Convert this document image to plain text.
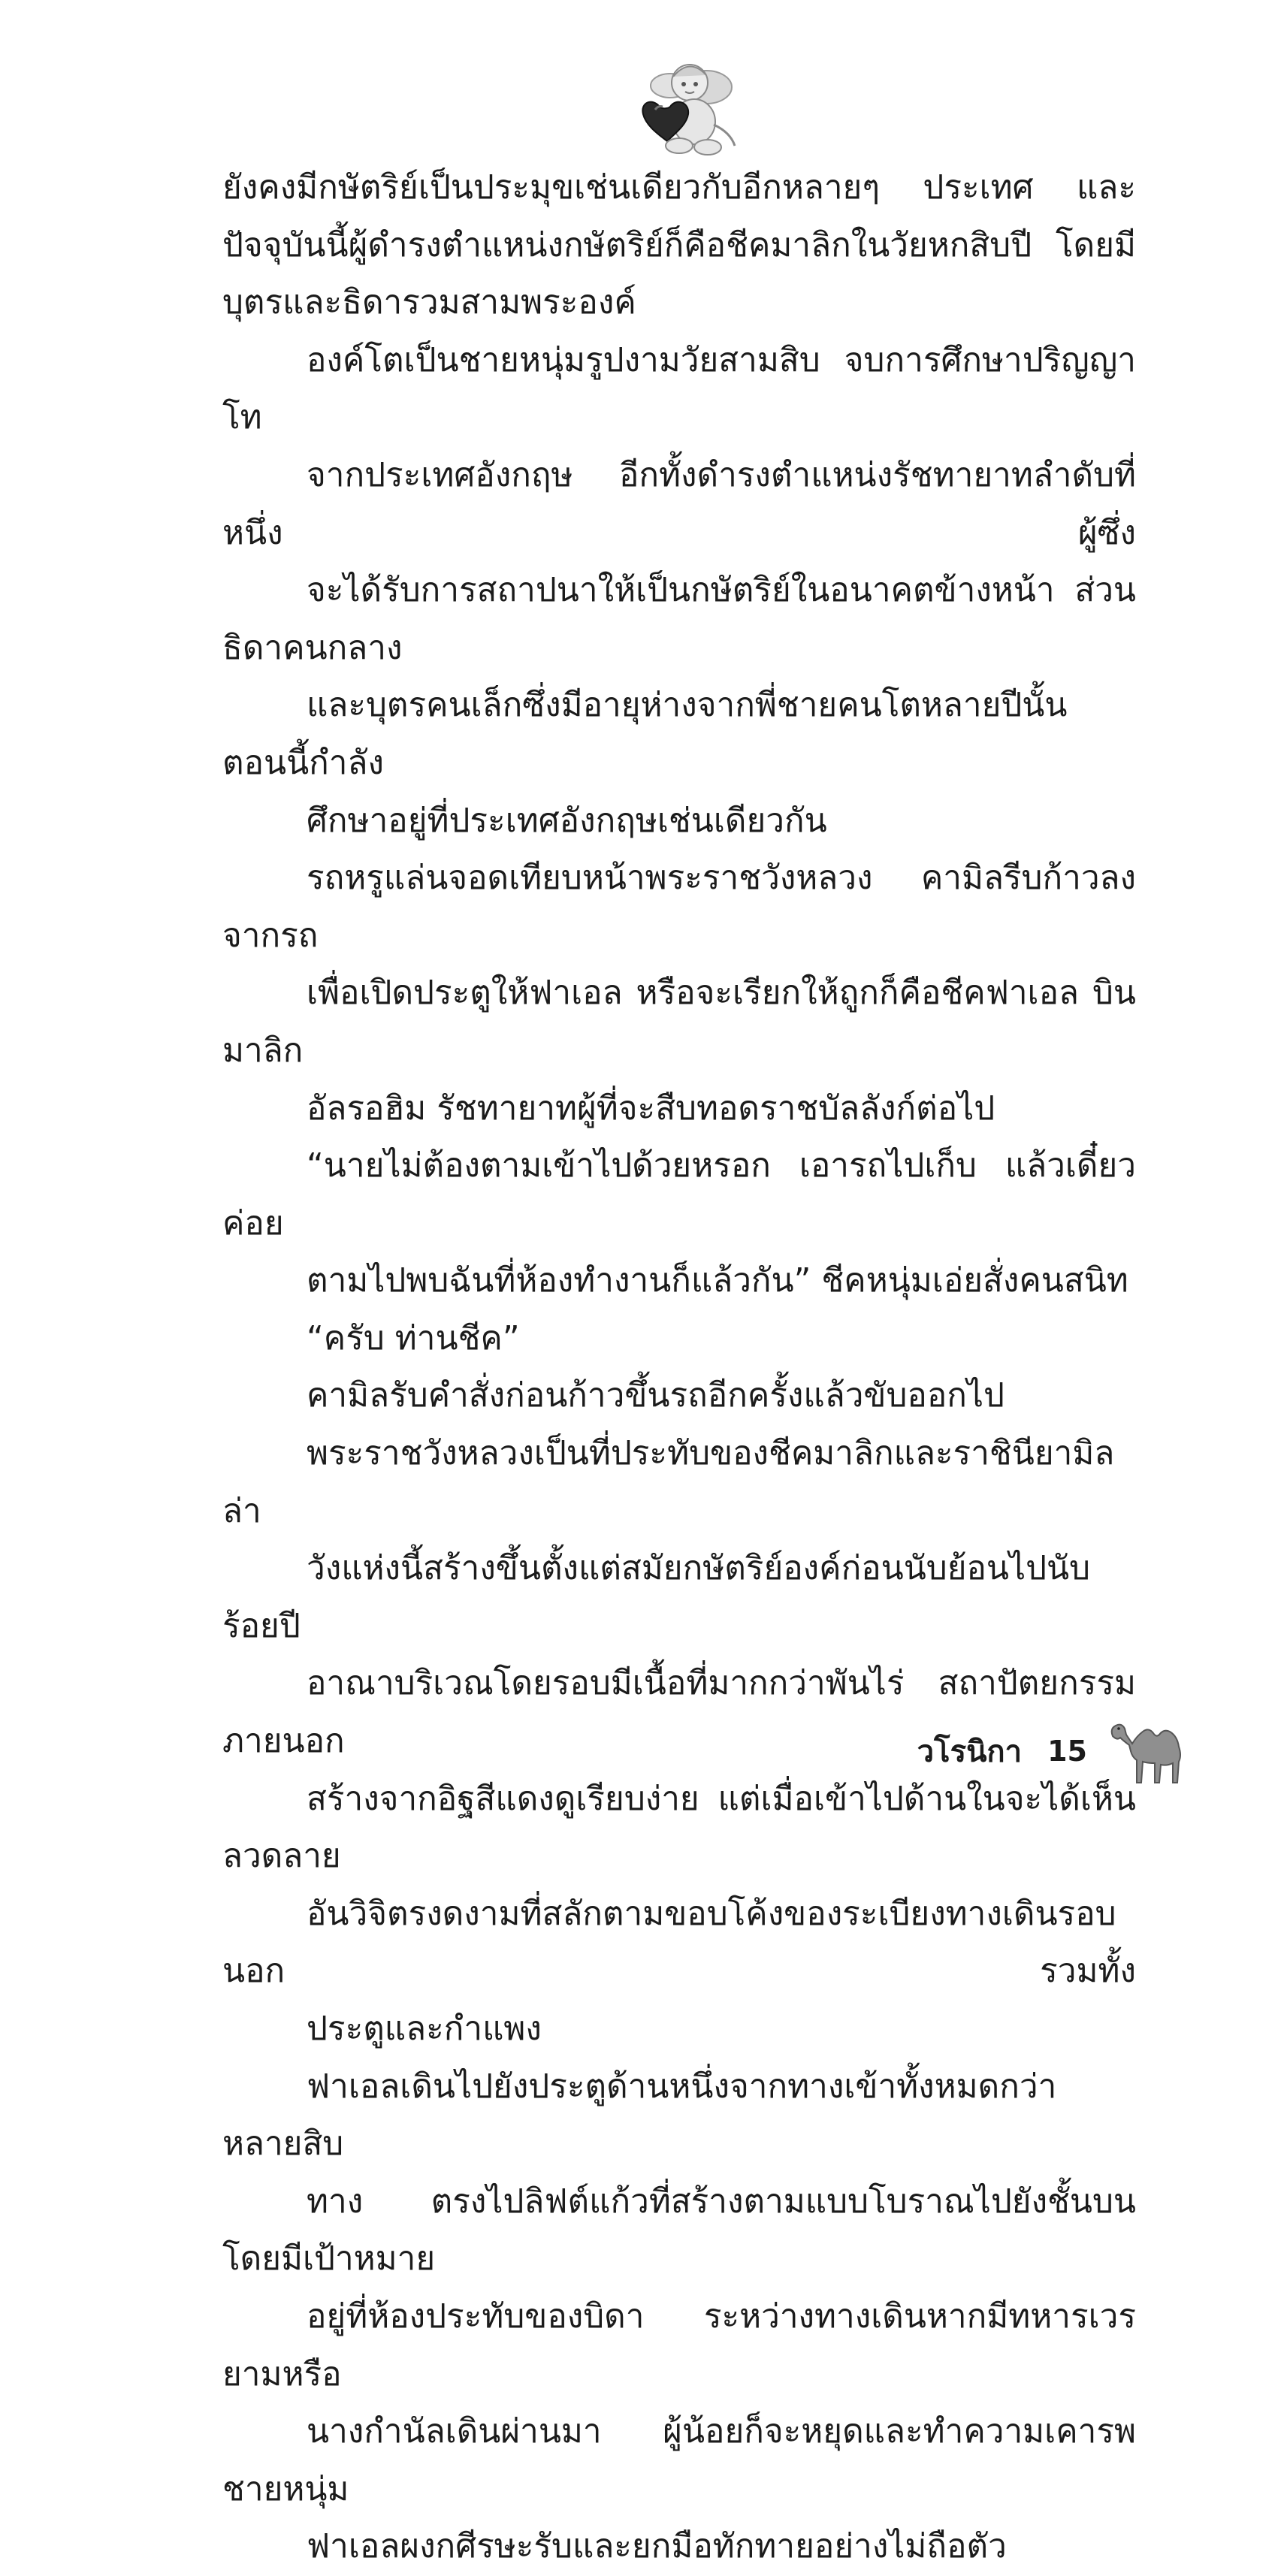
ยังคงมีกษัตริย์เป็นประมุขเช่นเดียวกับอีกหลายๆ ประเทศ และ
ปัจจุบันนี้ผู้ดำรงตำแหน่งกษัตริย์ก็คือชีคมาลิกในวัยหกสิบปี โดยมี
บุตรและธิดารวมสามพระองค์

องค์โตเป็นชายหนุ่มรูปงามวัยสามสิบ จบการศึกษาปริญญาโท
จากประเทศอังกฤษ อีกทั้งดำรงตำแหน่งรัชทายาทลำดับที่หนึ่ง ผู้ซึ่ง
จะได้รับการสถาปนาให้เป็นกษัตริย์ในอนาคตข้างหน้า ส่วนธิดาคนกลาง
และบุตรคนเล็กซึ่งมีอายุห่างจากพี่ชายคนโตหลายปีนั้น ตอนนี้กำลัง
ศึกษาอยู่ที่ประเทศอังกฤษเช่นเดียวกัน

รถหรูแล่นจอดเทียบหน้าพระราชวังหลวง คามิลรีบก้าวลงจากรถ
เพื่อเปิดประตูให้ฟาเอล หรือจะเรียกให้ถูกก็คือชีคฟาเอล บินมาลิก
อัลรอฮิม รัชทายาทผู้ที่จะสืบทอดราชบัลลังก์ต่อไป

“นายไม่ต้องตามเข้าไปด้วยหรอก เอารถไปเก็บ แล้วเดี๋ยวค่อย
ตามไปพบฉันที่ห้องทำงานก็แล้วกัน” ชีคหนุ่มเอ่ยสั่งคนสนิท

“ครับ ท่านชีค”

คามิลรับคำสั่งก่อนก้าวขึ้นรถอีกครั้งแล้วขับออกไป

พระราชวังหลวงเป็นที่ประทับของชีคมาลิกและราชินียามิลล่า
วังแห่งนี้สร้างขึ้นตั้งแต่สมัยกษัตริย์องค์ก่อนนับย้อนไปนับร้อยปี
อาณาบริเวณโดยรอบมีเนื้อที่มากกว่าพันไร่ สถาปัตยกรรมภายนอก
สร้างจากอิฐสีแดงดูเรียบง่าย แต่เมื่อเข้าไปด้านในจะได้เห็นลวดลาย
อันวิจิตรงดงามที่สลักตามขอบโค้งของระเบียงทางเดินรอบนอก รวมทั้ง
ประตูและกำแพง

ฟาเอลเดินไปยังประตูด้านหนึ่งจากทางเข้าทั้งหมดกว่าหลายสิบ
ทาง ตรงไปลิฟต์แก้วที่สร้างตามแบบโบราณไปยังชั้นบน โดยมีเป้าหมาย
อยู่ที่ห้องประทับของบิดา ระหว่างทางเดินหากมีทหารเวรยามหรือ
นางกำนัลเดินผ่านมา ผู้น้อยก็จะหยุดและทำความเคารพชายหนุ่ม
ฟาเอลผงกศีรษะรับและยกมือทักทายอย่างไม่ถือตัว

วโรนิกา 15
